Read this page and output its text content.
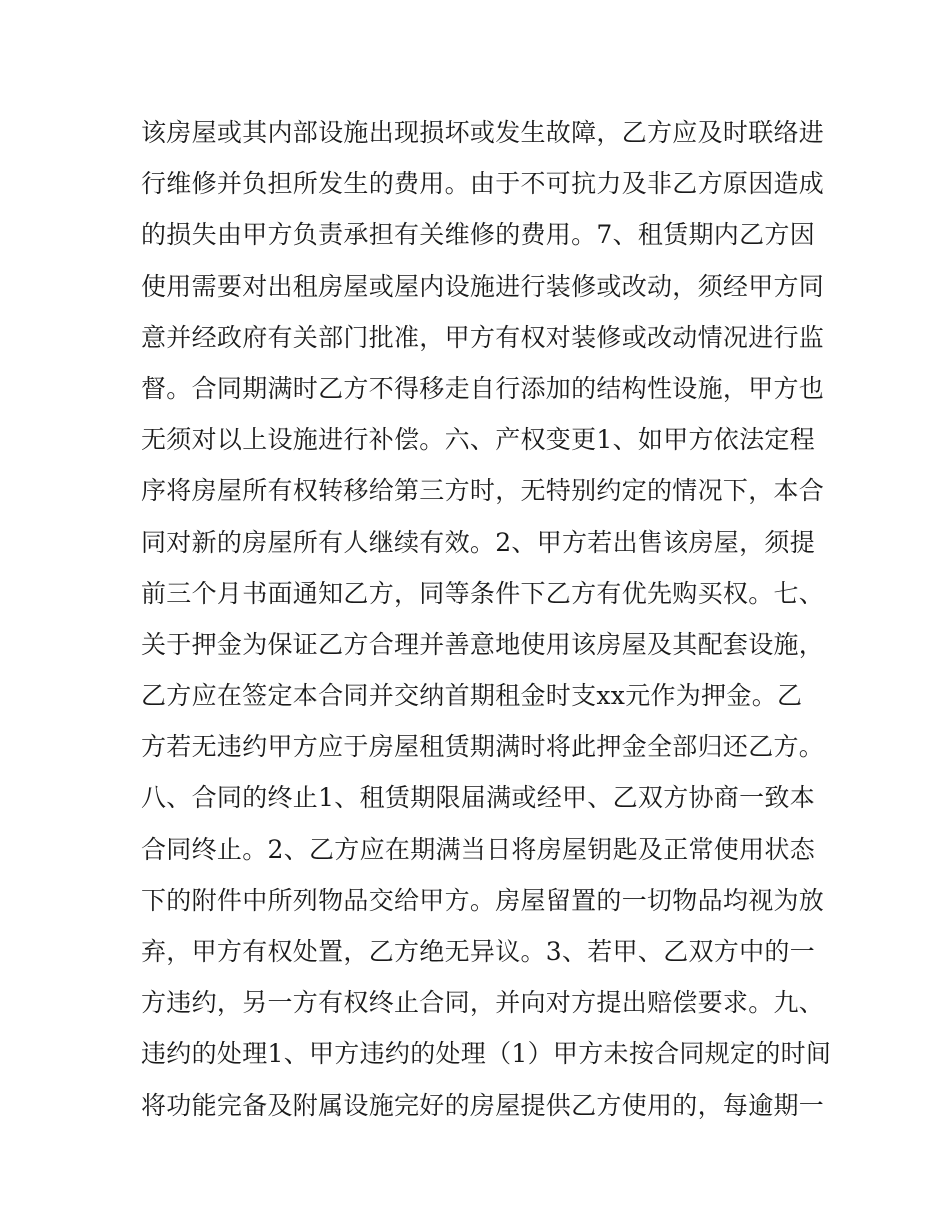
该房屋或其内部设施出现损坏或发生故障，乙方应及时联络进
行维修并负担所发生的费用。由于不可抗力及非乙方原因造成
的损失由甲方负责承担有关维修的费用。7、租赁期内乙方因
使用需要对出租房屋或屋内设施进行装修或改动，须经甲方同
意并经政府有关部门批准，甲方有权对装修或改动情况进行监
督。合同期满时乙方不得移走自行添加的结构性设施，甲方也
无须对以上设施进行补偿。六、产权变更1、如甲方依法定程
序将房屋所有权转移给第三方时，无特别约定的情况下，本合
同对新的房屋所有人继续有效。2、甲方若出售该房屋，须提
前三个月书面通知乙方，同等条件下乙方有优先购买权。七、
关于押金为保证乙方合理并善意地使用该房屋及其配套设施，
乙方应在签定本合同并交纳首期租金时支xx元作为押金。乙
方若无违约甲方应于房屋租赁期满时将此押金全部归还乙方。
八、合同的终止1、租赁期限届满或经甲、乙双方协商一致本
合同终止。2、乙方应在期满当日将房屋钥匙及正常使用状态
下的附件中所列物品交给甲方。房屋留置的一切物品均视为放
弃，甲方有权处置，乙方绝无异议。3、若甲、乙双方中的一
方违约，另一方有权终止合同，并向对方提出赔偿要求。九、
违约的处理1、甲方违约的处理（1）甲方未按合同规定的时间
将功能完备及附属设施完好的房屋提供乙方使用的，每逾期一
